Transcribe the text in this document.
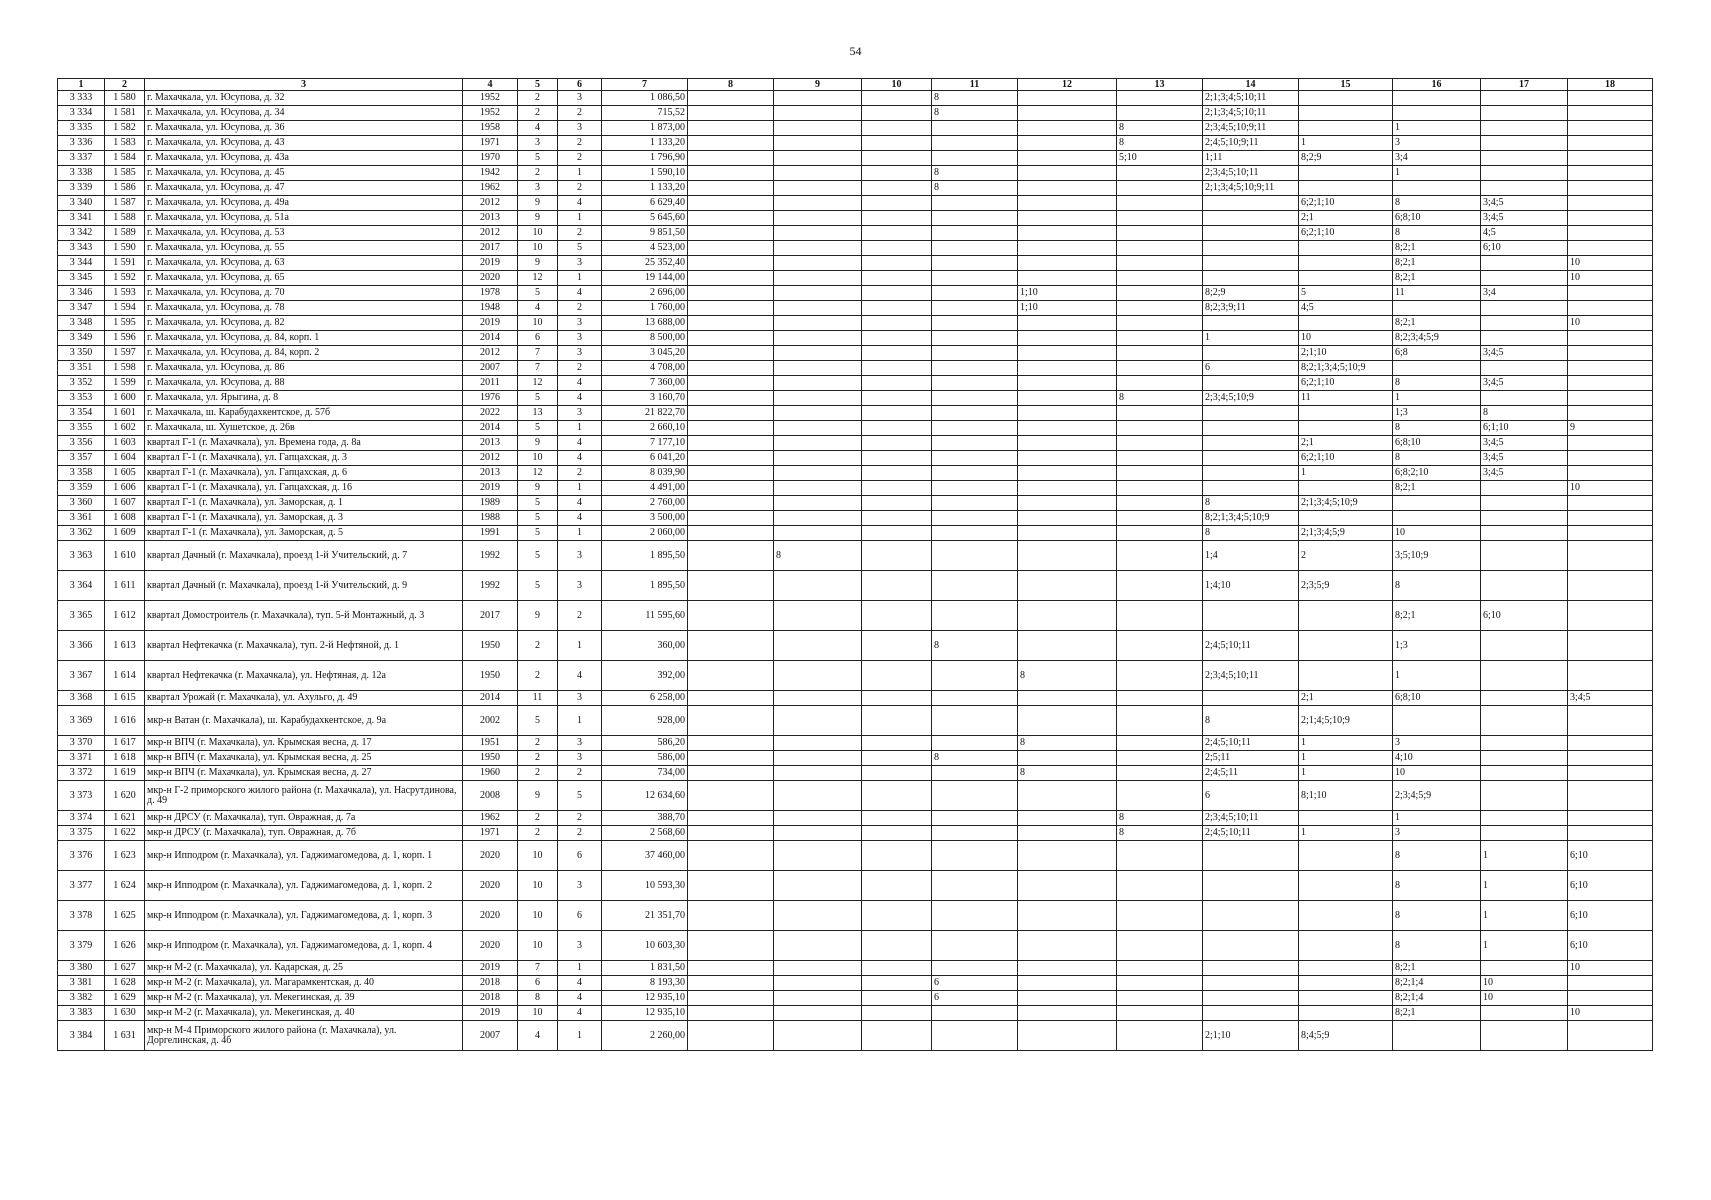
54
1	2	3	4	5	6	7	8	9	10	11	12	13	14	15	16	17	18
3 333	1 580	г. Махачкала, ул. Юсупова, д. 32	1952	2	3	1 086,50				8			2;1;3;4;5;10;11				
3 334	1 581	г. Махачкала, ул. Юсупова, д. 34	1952	2	2	715,52				8			2;1;3;4;5;10;11				
3 335	1 582	г. Махачкала, ул. Юсупова, д. 36	1958	4	3	1 873,00						8	2;3;4;5;10;9;11		1		
3 336	1 583	г. Махачкала, ул. Юсупова, д. 43	1971	3	2	1 133,20						8	2;4;5;10;9;11	1	3		
3 337	1 584	г. Махачкала, ул. Юсупова, д. 43а	1970	5	2	1 796,90						5;10	1;11	8;2;9	3;4		
3 338	1 585	г. Махачкала, ул. Юсупова, д. 45	1942	2	1	1 590,10				8			2;3;4;5;10;11		1		
3 339	1 586	г. Махачкала, ул. Юсупова, д. 47	1962	3	2	1 133,20				8			2;1;3;4;5;10;9;11				
3 340	1 587	г. Махачкала, ул. Юсупова, д. 49а	2012	9	4	6 629,40								6;2;1;10	8	3;4;5	
3 341	1 588	г. Махачкала, ул. Юсупова, д. 51а	2013	9	1	5 645,60								2;1	6;8;10	3;4;5	
3 342	1 589	г. Махачкала, ул. Юсупова, д. 53	2012	10	2	9 851,50								6;2;1;10	8	4;5	
3 343	1 590	г. Махачкала, ул. Юсупова, д. 55	2017	10	5	4 523,00									8;2;1	6;10	
3 344	1 591	г. Махачкала, ул. Юсупова, д. 63	2019	9	3	25 352,40									8;2;1		10
3 345	1 592	г. Махачкала, ул. Юсупова, д. 65	2020	12	1	19 144,00									8;2;1		10
3 346	1 593	г. Махачкала, ул. Юсупова, д. 70	1978	5	4	2 696,00					1;10		8;2;9	5	11	3;4	
3 347	1 594	г. Махачкала, ул. Юсупова, д. 78	1948	4	2	1 760,00					1;10		8;2;3;9;11	4;5			
3 348	1 595	г. Махачкала, ул. Юсупова, д. 82	2019	10	3	13 688,00									8;2;1		10
3 349	1 596	г. Махачкала, ул. Юсупова, д. 84, корп. 1	2014	6	3	8 500,00							1	10	8;2;3;4;5;9		
3 350	1 597	г. Махачкала, ул. Юсупова, д. 84, корп. 2	2012	7	3	3 045,20								2;1;10	6;8	3;4;5	
3 351	1 598	г. Махачкала, ул. Юсупова, д. 86	2007	7	2	4 708,00							6	8;2;1;3;4;5;10;9			
3 352	1 599	г. Махачкала, ул. Юсупова, д. 88	2011	12	4	7 360,00								6;2;1;10	8	3;4;5	
3 353	1 600	г. Махачкала, ул. Ярыгина, д. 8	1976	5	4	3 160,70						8	2;3;4;5;10;9	11	1		
3 354	1 601	г. Махачкала, ш. Карабудахкентское, д. 57б	2022	13	3	21 822,70									1;3	8	
3 355	1 602	г. Махачкала, ш. Хушетское, д. 26в	2014	5	1	2 660,10									8	6;1;10	9
3 356	1 603	квартал Г-1 (г. Махачкала), ул. Времена года, д. 8а	2013	9	4	7 177,10								2;1	6;8;10	3;4;5	
3 357	1 604	квартал Г-1 (г. Махачкала), ул. Гапцахская, д. 3	2012	10	4	6 041,20								6;2;1;10	8	3;4;5	
3 358	1 605	квартал Г-1 (г. Махачкала), ул. Гапцахская, д. 6	2013	12	2	8 039,90								1	6;8;2;10	3;4;5	
3 359	1 606	квартал Г-1 (г. Махачкала), ул. Гапцахская, д. 16	2019	9	1	4 491,00									8;2;1		10
3 360	1 607	квартал Г-1 (г. Махачкала), ул. Заморская, д. 1	1989	5	4	2 760,00							8	2;1;3;4;5;10;9			
3 361	1 608	квартал Г-1 (г. Махачкала), ул. Заморская, д. 3	1988	5	4	3 500,00							8;2;1;3;4;5;10;9				
3 362	1 609	квартал Г-1 (г. Махачкала), ул. Заморская, д. 5	1991	5	1	2 060,00							8	2;1;3;4;5;9	10		
3 363	1 610	квартал Дачный (г. Махачкала), проезд 1-й Учительский, д. 7	1992	5	3	1 895,50		8					1;4	2	3;5;10;9		
3 364	1 611	квартал Дачный (г. Махачкала), проезд 1-й Учительский, д. 9	1992	5	3	1 895,50							1;4;10	2;3;5;9	8		
3 365	1 612	квартал Домостроитель (г. Махачкала), туп. 5-й Монтажный, д. 3	2017	9	2	11 595,60									8;2;1	6;10	
3 366	1 613	квартал Нефтекачка (г. Махачкала), туп. 2-й Нефтяной, д. 1	1950	2	1	360,00				8			2;4;5;10;11		1;3		
3 367	1 614	квартал Нефтекачка (г. Махачкала), ул. Нефтяная, д. 12а	1950	2	4	392,00					8		2;3;4;5;10;11		1		
3 368	1 615	квартал Урожай (г. Махачкала), ул. Ахульго, д. 49	2014	11	3	6 258,00								2;1	6;8;10		3;4;5
3 369	1 616	мкр-н Ватан (г. Махачкала), ш. Карабудахкентское, д. 9а	2002	5	1	928,00							8	2;1;4;5;10;9			
3 370	1 617	мкр-н ВПЧ (г. Махачкала), ул. Крымская весна, д. 17	1951	2	3	586,20					8		2;4;5;10;11	1	3		
3 371	1 618	мкр-н ВПЧ (г. Махачкала), ул. Крымская весна, д. 25	1950	2	3	586,00				8			2;5;11	1	4;10		
3 372	1 619	мкр-н ВПЧ (г. Махачкала), ул. Крымская весна, д. 27	1960	2	2	734,00					8		2;4;5;11	1	10		
3 373	1 620	мкр-н Г-2 приморского жилого района (г. Махачкала), ул. Насрутдинова, д. 49	2008	9	5	12 634,60							6	8;1;10	2;3;4;5;9		
3 374	1 621	мкр-н ДРСУ (г. Махачкала), туп. Овражная, д. 7а	1962	2	2	388,70						8	2;3;4;5;10;11		1		
3 375	1 622	мкр-н ДРСУ (г. Махачкала), туп. Овражная, д. 7б	1971	2	2	2 568,60						8	2;4;5;10;11	1	3		
3 376	1 623	мкр-н Ипподром (г. Махачкала), ул. Гаджимагомедова, д. 1, корп. 1	2020	10	6	37 460,00									8	1	6;10
3 377	1 624	мкр-н Ипподром (г. Махачкала), ул. Гаджимагомедова, д. 1, корп. 2	2020	10	3	10 593,30									8	1	6;10
3 378	1 625	мкр-н Ипподром (г. Махачкала), ул. Гаджимагомедова, д. 1, корп. 3	2020	10	6	21 351,70									8	1	6;10
3 379	1 626	мкр-н Ипподром (г. Махачкала), ул. Гаджимагомедова, д. 1, корп. 4	2020	10	3	10 603,30									8	1	6;10
3 380	1 627	мкр-н М-2 (г. Махачкала), ул. Кадарская, д. 25	2019	7	1	1 831,50									8;2;1		10
3 381	1 628	мкр-н М-2 (г. Махачкала), ул. Магарамкентская, д. 40	2018	6	4	8 193,30				6					8;2;1;4	10	
3 382	1 629	мкр-н М-2 (г. Махачкала), ул. Мекегинская, д. 39	2018	8	4	12 935,10				6					8;2;1;4	10	
3 383	1 630	мкр-н М-2 (г. Махачкала), ул. Мекегинская, д. 40	2019	10	4	12 935,10									8;2;1		10
3 384	1 631	мкр-н М-4 Приморского жилого района (г. Махачкала), ул. Доргелинская, д. 4б	2007	4	1	2 260,00							2;1;10	8;4;5;9			
